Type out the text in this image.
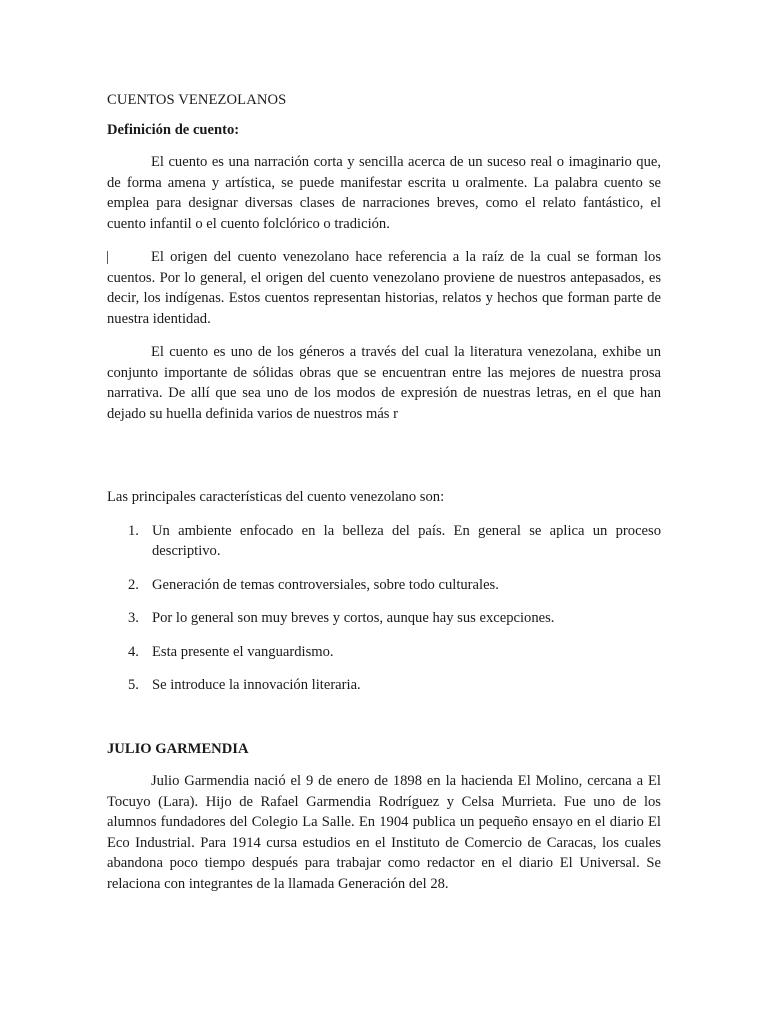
CUENTOS VENEZOLANOS
Definición de cuento:

El cuento es una narración corta y sencilla acerca de un suceso real o imaginario que, de forma amena y artística, se puede manifestar escrita u oralmente. La palabra cuento se emplea para designar diversas clases de narraciones breves, como el relato fantástico, el cuento infantil o el cuento folclórico o tradición.

|	El origen del cuento venezolano hace referencia a la raíz de la cual se forman los cuentos. Por lo general, el origen del cuento venezolano proviene de nuestros antepasados, es decir, los indígenas. Estos cuentos representan historias, relatos y hechos que forman parte de nuestra identidad.

El cuento es uno de los géneros a través del cual la literatura venezolana, exhibe un conjunto importante de sólidas obras que se encuentran entre las mejores de nuestra prosa narrativa. De allí que sea uno de los modos de expresión de nuestras letras, en el que han dejado su huella definida varios de nuestros más r

Las principales características del cuento venezolano son:

1. Un ambiente enfocado en la belleza del país. En general se aplica un proceso descriptivo.
2. Generación de temas controversiales, sobre todo culturales.
3. Por lo general son muy breves y cortos, aunque hay sus excepciones.
4. Esta presente el vanguardismo.
5. Se introduce la innovación literaria.
JULIO GARMENDIA

Julio Garmendia nació el 9 de enero de 1898 en la hacienda El Molino, cercana a El Tocuyo (Lara). Hijo de Rafael Garmendia Rodríguez y Celsa Murrieta. Fue uno de los alumnos fundadores del Colegio La Salle. En 1904 publica un pequeño ensayo en el diario El Eco Industrial. Para 1914 cursa estudios en el Instituto de Comercio de Caracas, los cuales abandona poco tiempo después para trabajar como redactor en el diario El Universal. Se relaciona con integrantes de la llamada Generación del 28.
